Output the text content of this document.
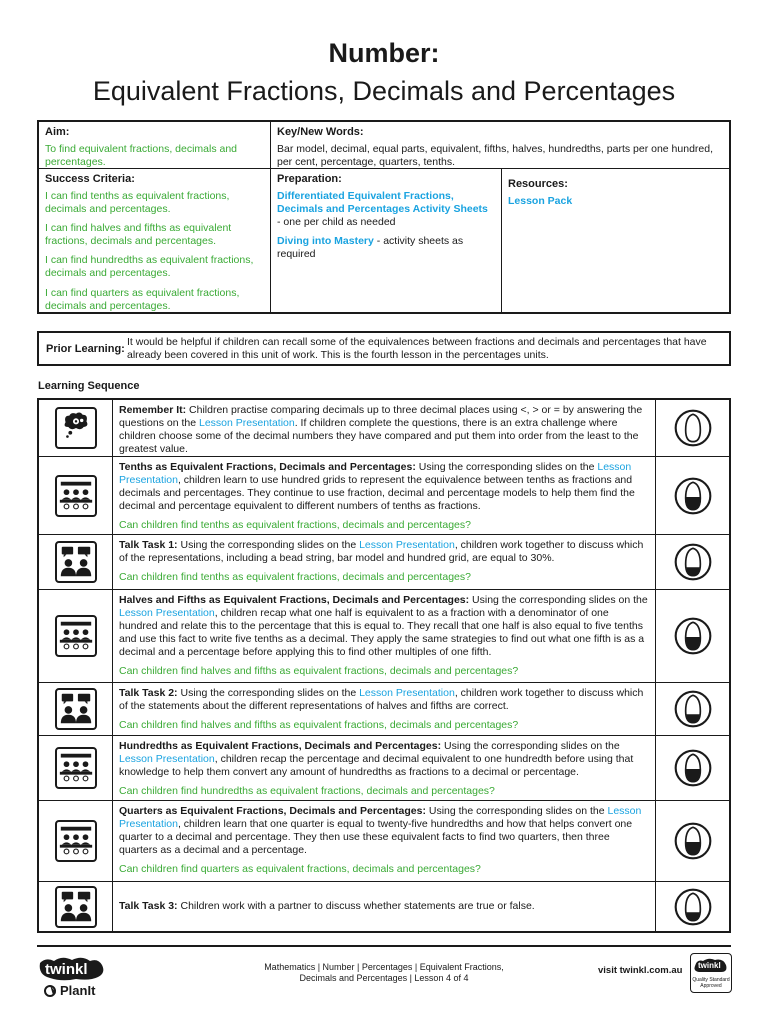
Number:
Equivalent Fractions, Decimals and Percentages
Aim:
To find equivalent fractions, decimals and percentages.
Key/New Words:
Bar model, decimal, equal parts, equivalent, fifths, halves, hundredths, parts per one hundred, per cent, percentage, quarters, tenths.
Success Criteria:

I can find tenths as equivalent fractions, decimals and percentages.

I can find halves and fifths as equivalent fractions, decimals and percentages.

I can find hundredths as equivalent fractions, decimals and percentages.

I can find quarters as equivalent fractions, decimals and percentages.

Preparation:
Differentiated Equivalent Fractions, Decimals and Percentages Activity Sheets

- one per child as needed

Diving into Mastery - activity sheets as required

Resources:
Lesson Pack
Prior Learning:
It would be helpful if children can recall some of the equivalences between fractions and decimals and percentages that have already been covered in this unit of work. This is the fourth lesson in the percentages units.
Learning Sequence
Remember It: Children practise comparing decimals up to three decimal places using <, > or = by answering the questions on the Lesson Presentation. If children complete the questions, there is an extra challenge where children choose some of the decimal numbers they have compared and put them into order from the least to the greatest value.
Tenths as Equivalent Fractions, Decimals and Percentages: Using the corresponding slides on the Lesson Presentation, children learn to use hundred grids to represent the equivalence between tenths as fractions and decimals and percentages. They continue to use fraction, decimal and percentage models to help them find the decimal and percentage equivalent to different numbers of tenths as fractions.
Can children find tenths as equivalent fractions, decimals and percentages?
Talk Task 1: Using the corresponding slides on the Lesson Presentation, children work together to discuss which of the representations, including a bead string, bar model and hundred grid, are equal to 30%.
Can children find tenths as equivalent fractions, decimals and percentages?
Halves and Fifths as Equivalent Fractions, Decimals and Percentages: Using the corresponding slides on the Lesson Presentation, children recap what one half is equivalent to as a fraction with a denominator of one hundred and relate this to the percentage that this is equal to. They recall that one half is also equal to five tenths and use this fact to write five tenths as a decimal. They apply the same strategies to find out what one fifth is as a decimal and a percentage before applying this to find other multiples of one fifth.
Can children find halves and fifths as equivalent fractions, decimals and percentages?
Talk Task 2: Using the corresponding slides on the Lesson Presentation, children work together to discuss which of the statements about the different representations of halves and fifths are correct.
Can children find halves and fifths as equivalent fractions, decimals and percentages?
Hundredths as Equivalent Fractions, Decimals and Percentages: Using the corresponding slides on the Lesson Presentation, children recap the percentage and decimal equivalent to one hundredth before using that knowledge to help them convert any amount of hundredths as fractions to a decimal or percentage.
Can children find hundredths as equivalent fractions, decimals and percentages?
Quarters as Equivalent Fractions, Decimals and Percentages: Using the corresponding slides on the Lesson Presentation, children learn that one quarter is equal to twenty-five hundredths and how that helps convert one quarter to a decimal and percentage. They then use these equivalent facts to find two quarters, then three quarters as a decimal and a percentage.
Can children find quarters as equivalent fractions, decimals and percentages?
Talk Task 3: Children work with a partner to discuss whether statements are true or false.
twinkl
PlanIt
Mathematics | Number | Percentages | Equivalent Fractions,
Decimals and Percentages | Lesson 4 of 4
visit twinkl.com.au twinkl
Quality Standard
Approved
